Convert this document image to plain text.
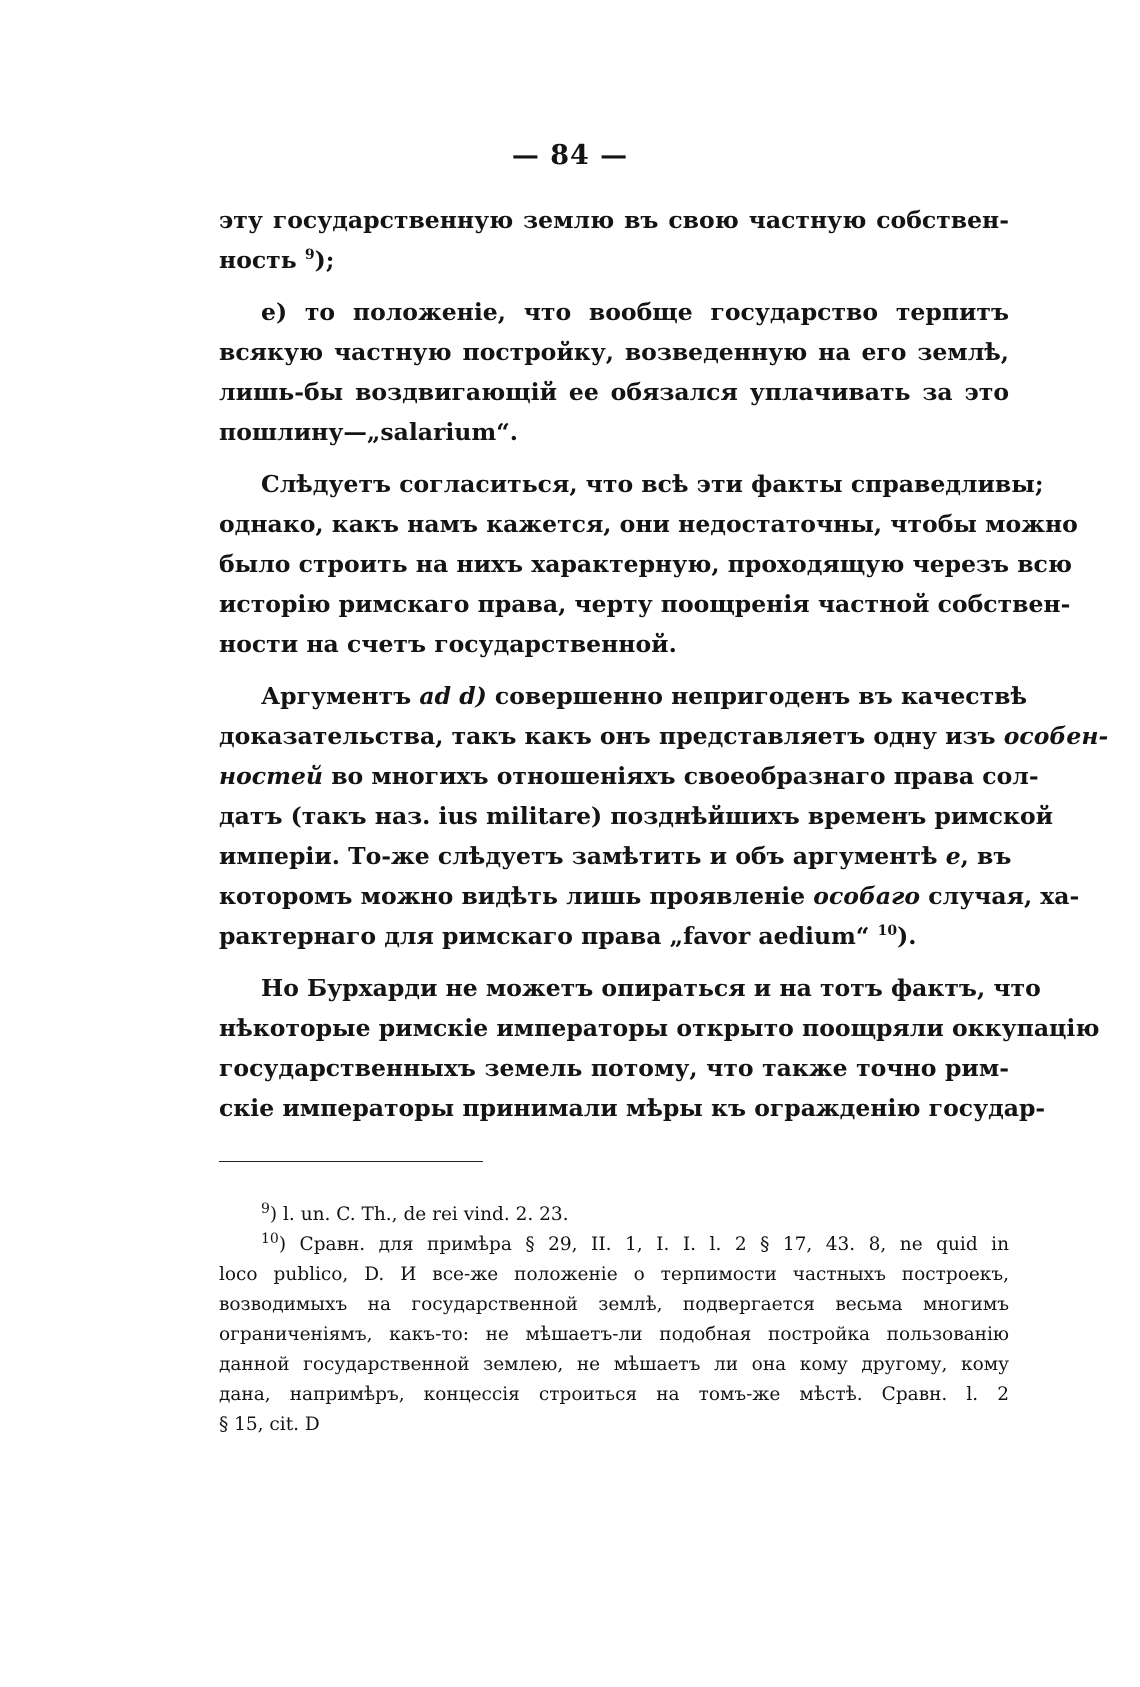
— 84 —
эту государственную землю въ свою частную собствен-
ность $^9$);
e) то положеніе, что вообще государство терпитъ
всякую частную постройку, возведенную на его землѣ,
лишь-бы воздвигающій ее обязался уплачивать за это
пошлину—„salarium“.
Слѣдуетъ согласиться, что всѣ эти факты справедливы;
однако, какъ намъ кажется, они недостаточны, чтобы можно
было строить на нихъ характерную, проходящую черезъ всю
исторію римскаго права, черту поощренія частной собствен-
ности на счетъ государственной.
Аргументъ ad d) совершенно непригоденъ въ качествѣ
доказательства, такъ какъ онъ представляетъ одну изъ особен-
ностей во многихъ отношеніяхъ своеобразнаго права сол-
датъ (такъ наз. ius militare) позднѣйшихъ временъ римской
имперіи. То-же слѣдуетъ замѣтить и объ аргументѣ e, въ
которомъ можно видѣть лишь проявленіе особаго случая, ха-
рактернаго для римскаго права „favor aedium“ $^{10}$).
Но Бурхарди не можетъ опираться и на тотъ фактъ, что
нѣкоторые римскіе императоры открыто поощряли оккупацію
государственныхъ земель потому, что также точно рим-
скіе императоры принимали мѣры къ огражденію государ-
$^9$) l. un. C. Th., de rei vind. 2. 23.
$^{10}$) Сравн. для примѣра § 29, II. 1, I. I. l. 2 § 17, 43. 8, ne quid in
loco publico, D. И все-же положеніе о терпимости частныхъ построекъ,
возводимыхъ на государственной землѣ, подвергается весьма многимъ
ограниченіямъ, какъ-то: не мѣшаетъ-ли подобная постройка пользованію
данной государственной землею, не мѣшаетъ ли она кому другому, кому
дана, напримѣръ, концессія строиться на томъ-же мѣстѣ. Сравн. l. 2
§ 15, cit. D
